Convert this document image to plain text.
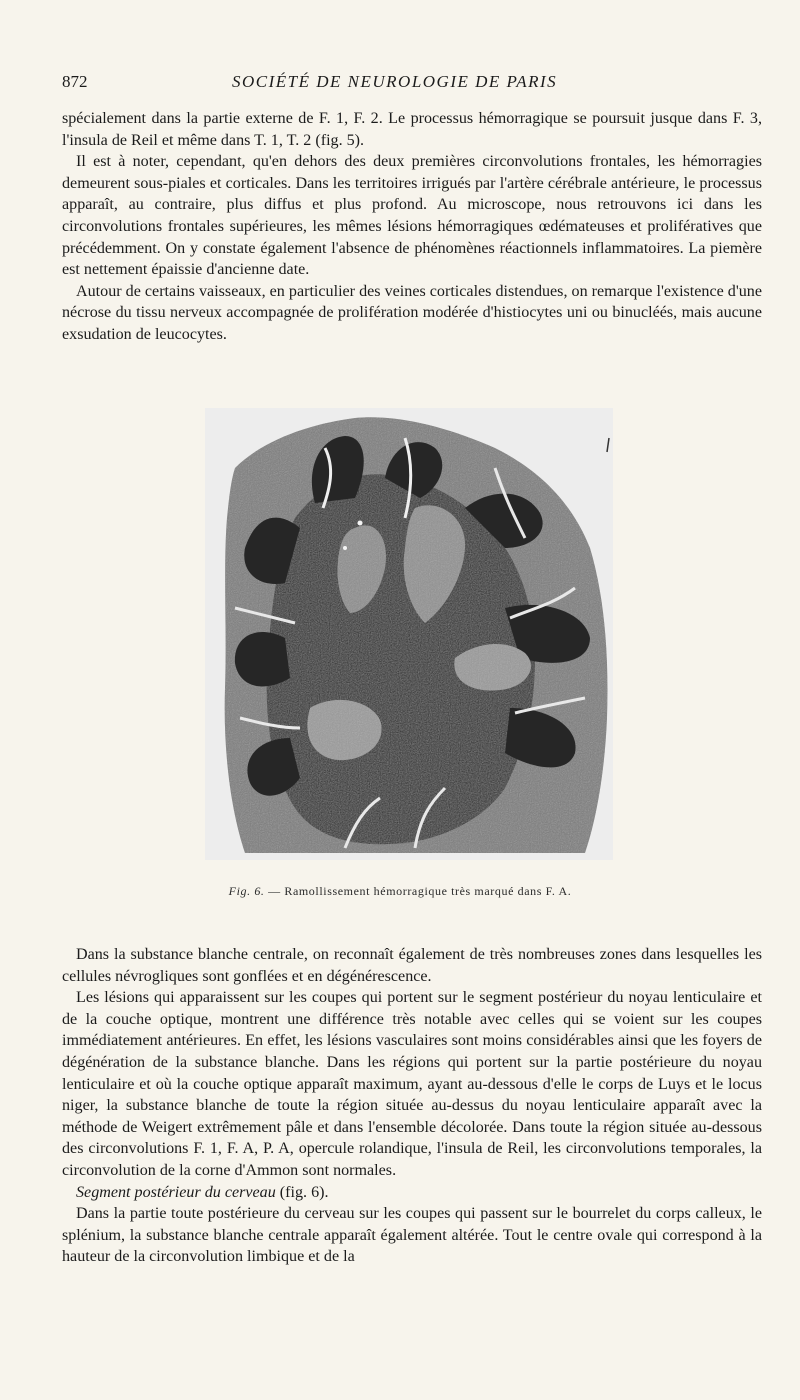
872	SOCIÉTÉ DE NEUROLOGIE DE PARIS

spécialement dans la partie externe de F. 1, F. 2. Le processus hémorragique se poursuit jusque dans F. 3, l'insula de Reil et même dans T. 1, T. 2 (fig. 5).

Il est à noter, cependant, qu'en dehors des deux premières circonvolutions frontales, les hémorragies demeurent sous-piales et corticales. Dans les territoires irrigués par l'artère cérébrale antérieure, le processus apparaît, au contraire, plus diffus et plus profond. Au microscope, nous retrouvons ici dans les circonvolutions frontales supérieures, les mêmes lésions hémorragiques œdémateuses et prolifératives que précédemment. On y constate également l'absence de phénomènes réactionnels inflammatoires. La piemère est nettement épaissie d'ancienne date.

Autour de certains vaisseaux, en particulier des veines corticales distendues, on remarque l'existence d'une nécrose du tissu nerveux accompagnée de prolifération modérée d'histiocytes uni ou binucléés, mais aucune exsudation de leucocytes.

Fig. 6. — Ramollissement hémorragique très marqué dans F. A.

Dans la substance blanche centrale, on reconnaît également de très nombreuses zones dans lesquelles les cellules névrogliques sont gonflées et en dégénérescence.

Les lésions qui apparaissent sur les coupes qui portent sur le segment postérieur du noyau lenticulaire et de la couche optique, montrent une différence très notable avec celles qui se voient sur les coupes immédiatement antérieures. En effet, les lésions vasculaires sont moins considérables ainsi que les foyers de dégénération de la substance blanche. Dans les régions qui portent sur la partie postérieure du noyau lenticulaire et où la couche optique apparaît maximum, ayant au-dessous d'elle le corps de Luys et le locus niger, la substance blanche de toute la région située au-dessus du noyau lenticulaire apparaît avec la méthode de Weigert extrêmement pâle et dans l'ensemble décolorée. Dans toute la région située au-dessous des circonvolutions F. 1, F. A, P. A, opercule rolandique, l'insula de Reil, les circonvolutions temporales, la circonvolution de la corne d'Ammon sont normales.

Segment postérieur du cerveau (fig. 6).

Dans la partie toute postérieure du cerveau sur les coupes qui passent sur le bourrelet du corps calleux, le splénium, la substance blanche centrale apparaît également altérée. Tout le centre ovale qui correspond à la hauteur de la circonvolution limbique et de la
